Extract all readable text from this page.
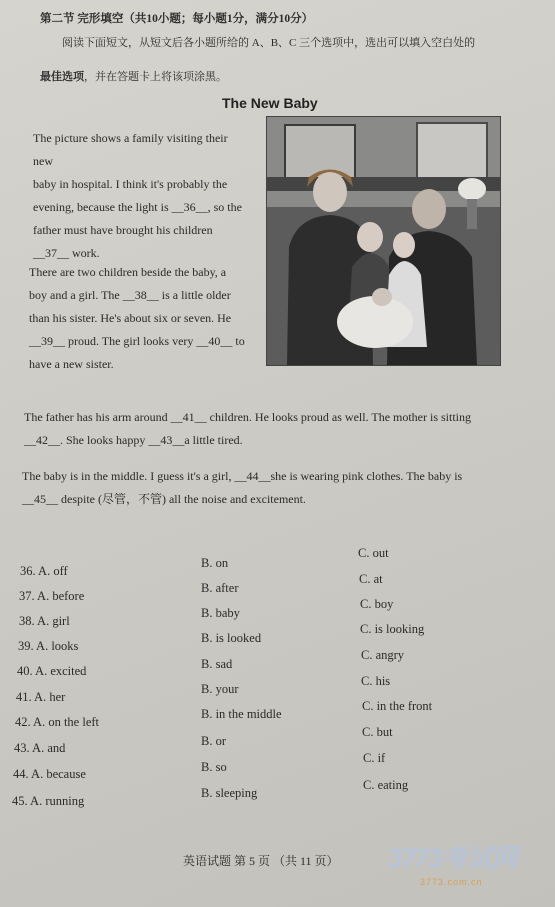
第二节 完形填空（共10小题；每小题1分，满分10分）
阅读下面短文，从短文后各小题所给的 A、B、C 三个选项中，选出可以填入空白处的
最佳选项，并在答题卡上将该项涂黑。
The New Baby
The picture shows a family visiting their new
baby in hospital. I think it's probably the
evening, because the light is __36__, so the
father must have brought his children
__37__ work.
There are two children beside the baby, a
boy and a girl. The __38__ is a little older
than his sister. He's about six or seven. He
__39__ proud. The girl looks very __40__ to
have a new sister.
The father has his arm around __41__ children. He looks proud as well. The mother is sitting
__42__. She looks happy __43__a little tired.
The baby is in the middle. I guess it's a girl, __44__she is wearing pink clothes. The baby is
__45__ despite (尽管，不管) all the noise and excitement.
36. A. off
B. on
C. out
37. A. before
B. after
C. at
38. A. girl
B. baby
C. boy
39. A. looks
B. is looked
C. is looking
40. A. excited	B. sad
C. angry
41. A. her
B. your
C. his
42. A. on the left
B. in the middle
C. in the front
43. A. and	B. or
C. but
44. A. because	B. so
C. if
45. A. running
B. sleeping
C. eating
英语试题 第 5 页 （共 11 页） 3773考试网
3773.com.cn
